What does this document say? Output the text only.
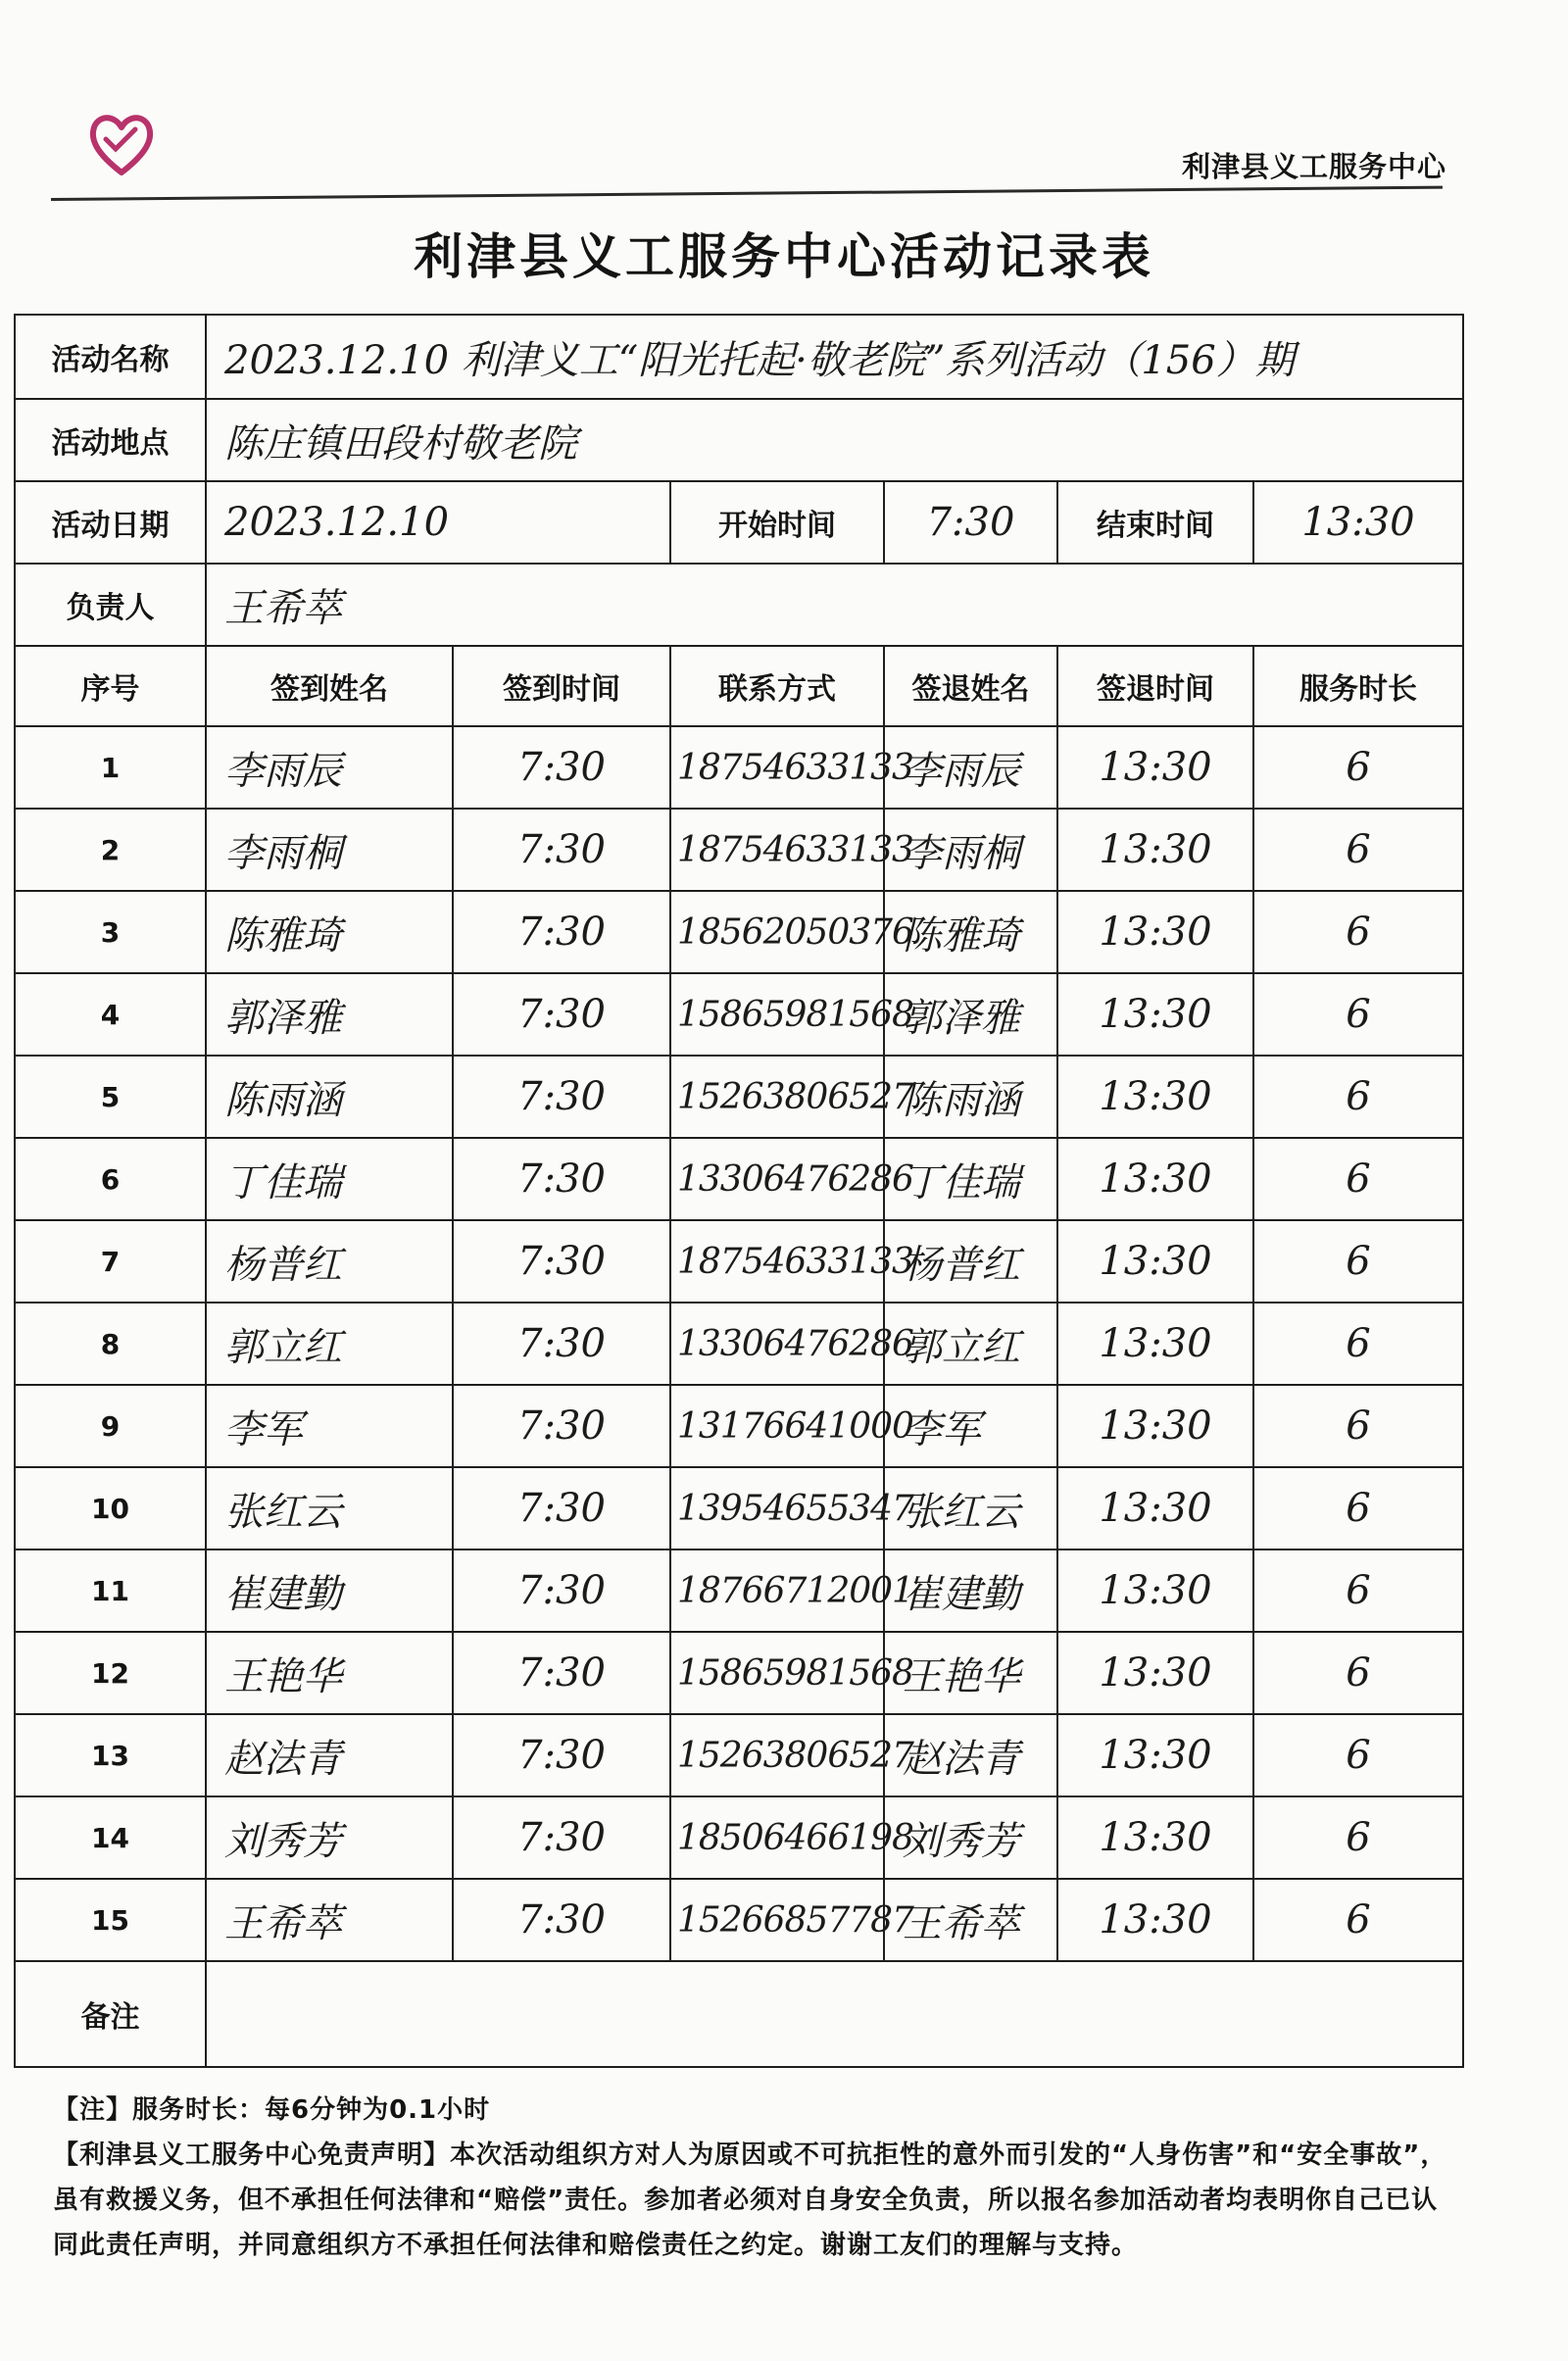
利津县义工服务中心
利津县义工服务中心活动记录表
活动名称	2023.12.10 利津义工“阳光托起·敬老院”系列活动（156）期					

活动地点	陈庄镇田段村敬老院					

活动日期	2023.12.10		开始时间	7:30	结束时间	13:30

负责人	王希萃					

序号	签到姓名	签到时间	联系方式	签退姓名	签退时间	服务时长
1	李雨辰	7:30	18754633133	李雨辰	13:30	6

2	李雨桐	7:30	18754633133	李雨桐	13:30	6

3	陈雅琦	7:30	18562050376	陈雅琦	13:30	6

4	郭泽雅	7:30	15865981568	郭泽雅	13:30	6

5	陈雨涵	7:30	15263806527	陈雨涵	13:30	6

6	丁佳瑞	7:30	13306476286	丁佳瑞	13:30	6

7	杨普红	7:30	18754633133	杨普红	13:30	6

8	郭立红	7:30	13306476286	郭立红	13:30	6

9	李军	7:30	13176641000	李军	13:30	6

10	张红云	7:30	13954655347	张红云	13:30	6

11	崔建勤	7:30	18766712001	崔建勤	13:30	6

12	王艳华	7:30	15865981568	王艳华	13:30	6

13	赵法青	7:30	15263806527	赵法青	13:30	6

14	刘秀芳	7:30	18506466198	刘秀芳	13:30	6

15	王希萃	7:30	15266857787	王希萃	13:30	6

备注						

【注】服务时长：每6分钟为0.1小时

【利津县义工服务中心免责声明】本次活动组织方对人为原因或不可抗拒性的意外而引发的“人身伤害”和“安全事故”，虽有救援义务，但不承担任何法律和“赔偿”责任。参加者必须对自身安全负责，所以报名参加活动者均表明你自己已认同此责任声明，并同意组织方不承担任何法律和赔偿责任之约定。谢谢工友们的理解与支持。
